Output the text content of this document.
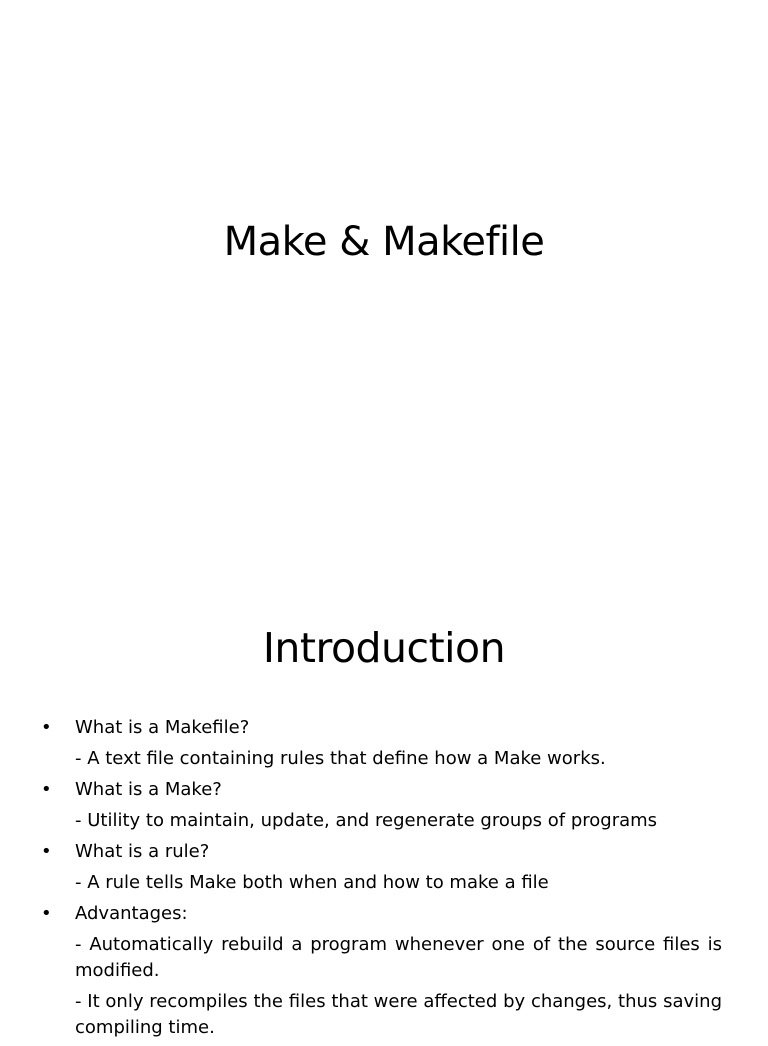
Make & Makefile
Introduction
•	What is a Makefile?
- A text file containing rules that define how a Make works.
•	What is a Make?
- Utility to maintain, update, and regenerate groups of programs
•	What is a rule?
- A rule tells Make both when and how to make a file
•	Advantages:
- Automatically rebuild a program whenever one of the source files is modified.
- It only recompiles the files that were affected by changes, thus saving compiling time.
